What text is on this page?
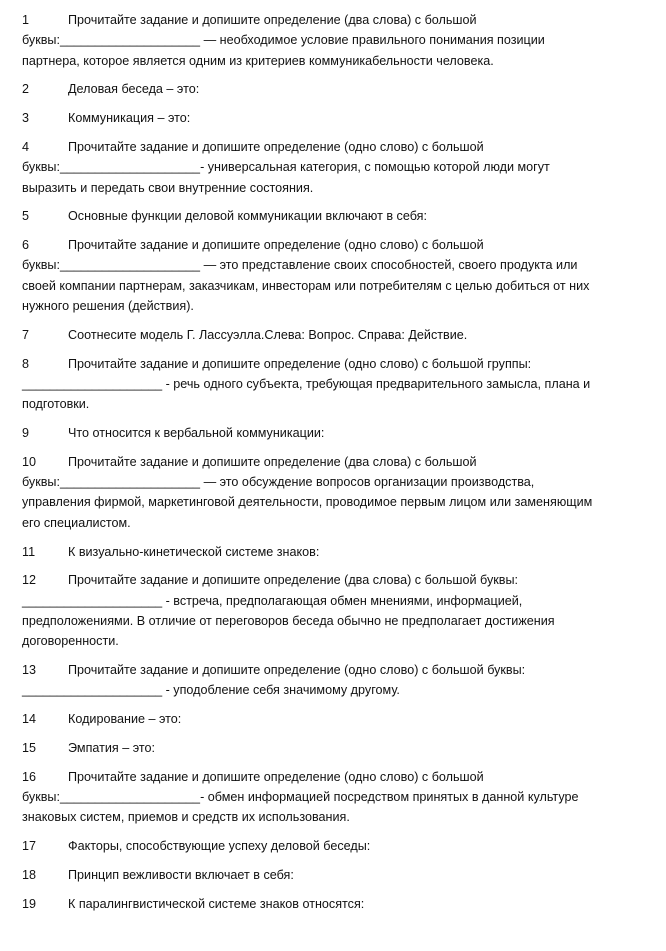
1	Прочитайте задание и допишите определение (два слова) с большой
буквы:____________________ — необходимое условие правильного понимания позиции
партнера, которое является одним из критериев коммуникабельности человека.
2	Деловая беседа – это:
3	Коммуникация – это:
4	Прочитайте задание и допишите определение (одно слово) с большой
буквы:____________________- универсальная категория, с помощью которой люди могут
выразить и передать свои внутренние состояния.
5	Основные функции деловой коммуникации включают в себя:
6	Прочитайте задание и допишите определение (одно слово) с большой
буквы:____________________ — это представление своих способностей, своего продукта или
своей компании партнерам, заказчикам, инвесторам или потребителям с целью добиться от них
нужного решения (действия).
7	Соотнесите модель Г. Лассуэлла.Слева: Вопрос. Справа: Действие.
8	Прочитайте задание и допишите определение (одно слово) с большой группы:
____________________ - речь одного субъекта, требующая предварительного замысла, плана и
подготовки.
9	Что относится к вербальной коммуникации:
10	Прочитайте задание и допишите определение (два слова) с большой
буквы:____________________ — это обсуждение вопросов организации производства,
управления фирмой, маркетинговой деятельности, проводимое первым лицом или заменяющим
его специалистом.
11	К визуально-кинетической системе знаков:
12	Прочитайте задание и допишите определение (два слова) с большой буквы:
____________________ - встреча, предполагающая обмен мнениями, информацией,
предположениями. В отличие от переговоров беседа обычно не предполагает достижения
договоренности.
13	Прочитайте задание и допишите определение (одно слово) с большой буквы:
____________________ - уподобление себя значимому другому.
14	Кодирование – это:
15	Эмпатия – это:
16	Прочитайте задание и допишите определение (одно слово) с большой
буквы:____________________- обмен информацией посредством принятых в данной культуре
знаковых систем, приемов и средств их использования.
17	Факторы, способствующие успеху деловой беседы:
18	Принцип вежливости включает в себя:
19	К паралингвистической системе знаков относятся:
